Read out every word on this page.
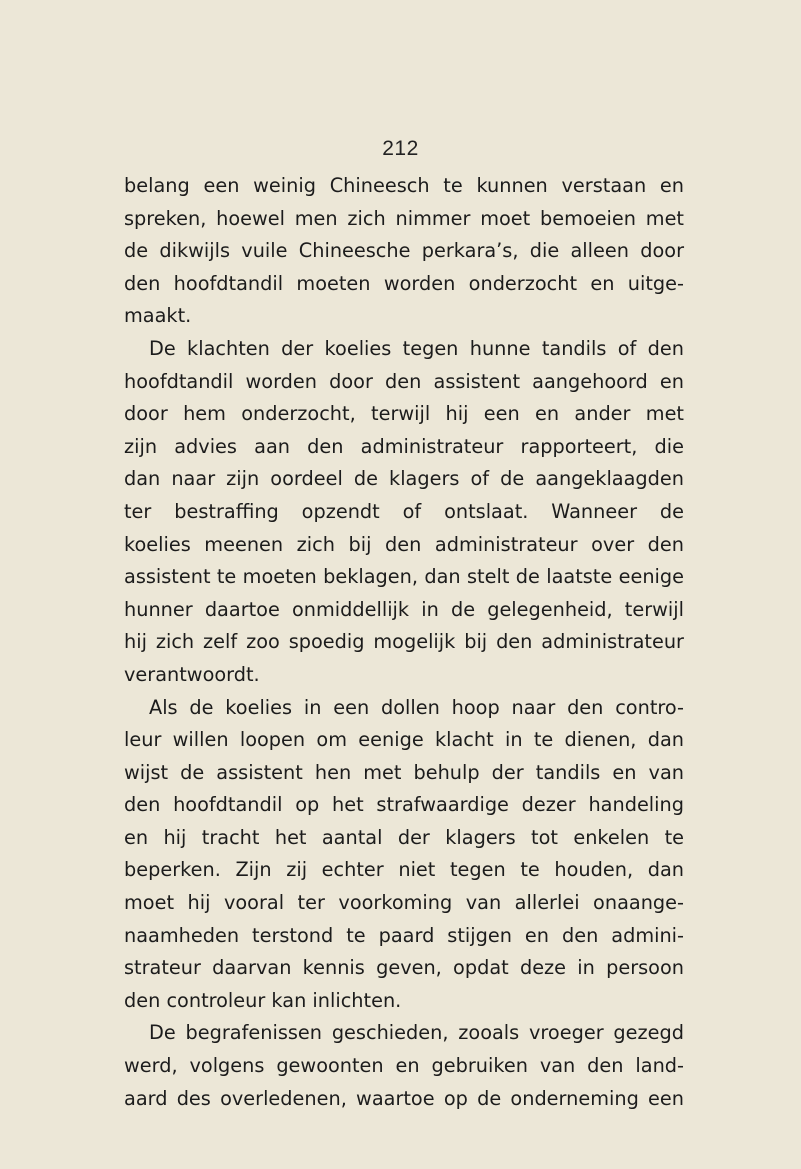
212
belang een weinig Chineesch te kunnen verstaan en
spreken, hoewel men zich nimmer moet bemoeien met
de dikwijls vuile Chineesche perkara’s, die alleen door
den hoofdtandil moeten worden onderzocht en uitge-
maakt.
De klachten der koelies tegen hunne tandils of den
hoofdtandil worden door den assistent aangehoord en
door hem onderzocht, terwijl hij een en ander met
zijn advies aan den administrateur rapporteert, die
dan naar zijn oordeel de klagers of de aangeklaagden
ter bestraffing opzendt of ontslaat. Wanneer de
koelies meenen zich bij den administrateur over den
assistent te moeten beklagen, dan stelt de laatste eenige
hunner daartoe onmiddellijk in de gelegenheid, terwijl
hij zich zelf zoo spoedig mogelijk bij den administrateur
verantwoordt.
Als de koelies in een dollen hoop naar den contro-
leur willen loopen om eenige klacht in te dienen, dan
wijst de assistent hen met behulp der tandils en van
den hoofdtandil op het strafwaardige dezer handeling
en hij tracht het aantal der klagers tot enkelen te
beperken. Zijn zij echter niet tegen te houden, dan
moet hij vooral ter voorkoming van allerlei onaange-
naamheden terstond te paard stijgen en den admini-
strateur daarvan kennis geven, opdat deze in persoon
den controleur kan inlichten.
De begrafenissen geschieden, zooals vroeger gezegd
werd, volgens gewoonten en gebruiken van den land-
aard des overledenen, waartoe op de onderneming een
